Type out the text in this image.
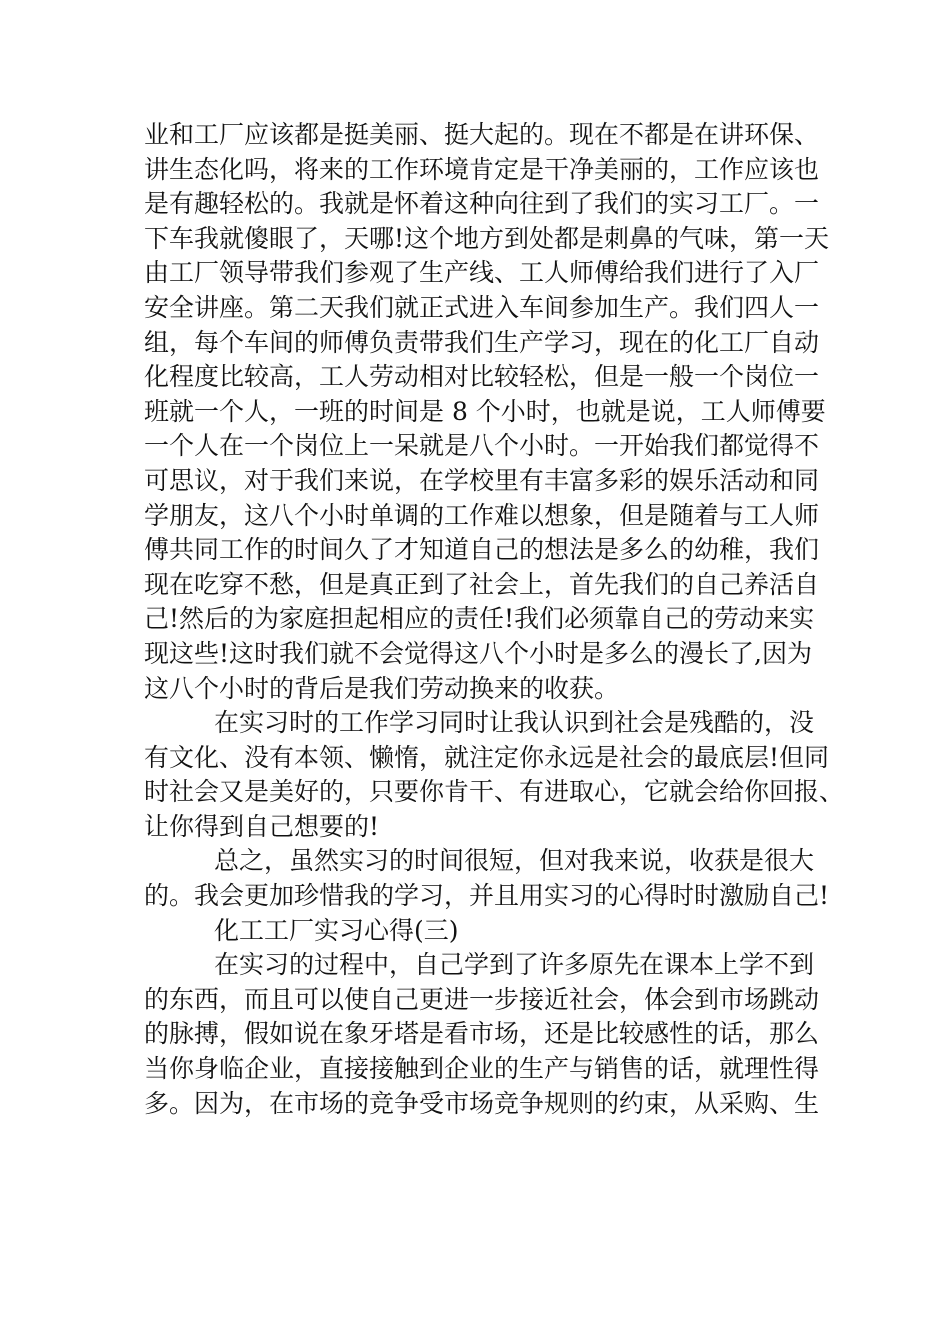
业和工厂应该都是挺美丽、挺大起的。现在不都是在讲环保、
讲生态化吗，将来的工作环境肯定是干净美丽的，工作应该也
是有趣轻松的。我就是怀着这种向往到了我们的实习工厂。一
下车我就傻眼了，天哪!这个地方到处都是刺鼻的气味，第一天
由工厂领导带我们参观了生产线、工人师傅给我们进行了入厂
安全讲座。第二天我们就正式进入车间参加生产。我们四人一
组，每个车间的师傅负责带我们生产学习，现在的化工厂自动
化程度比较高，工人劳动相对比较轻松，但是一般一个岗位一
班就一个人，一班的时间是 8 个小时，也就是说，工人师傅要
一个人在一个岗位上一呆就是八个小时。一开始我们都觉得不
可思议，对于我们来说，在学校里有丰富多彩的娱乐活动和同
学朋友，这八个小时单调的工作难以想象，但是随着与工人师
傅共同工作的时间久了才知道自己的想法是多么的幼稚，我们
现在吃穿不愁，但是真正到了社会上，首先我们的自己养活自
己!然后的为家庭担起相应的责任!我们必须靠自己的劳动来实
现这些!这时我们就不会觉得这八个小时是多么的漫长了,因为
这八个小时的背后是我们劳动换来的收获。
在实习时的工作学习同时让我认识到社会是残酷的，没
有文化、没有本领、懒惰，就注定你永远是社会的最底层!但同
时社会又是美好的，只要你肯干、有进取心，它就会给你回报、
让你得到自己想要的!
总之，虽然实习的时间很短，但对我来说，收获是很大
的。我会更加珍惜我的学习，并且用实习的心得时时激励自己!
化工工厂实习心得(三)
在实习的过程中，自己学到了许多原先在课本上学不到
的东西，而且可以使自己更进一步接近社会，体会到市场跳动
的脉搏，假如说在象牙塔是看市场，还是比较感性的话，那么
当你身临企业，直接接触到企业的生产与销售的话，就理性得
多。因为，在市场的竞争受市场竞争规则的约束，从采购、生
